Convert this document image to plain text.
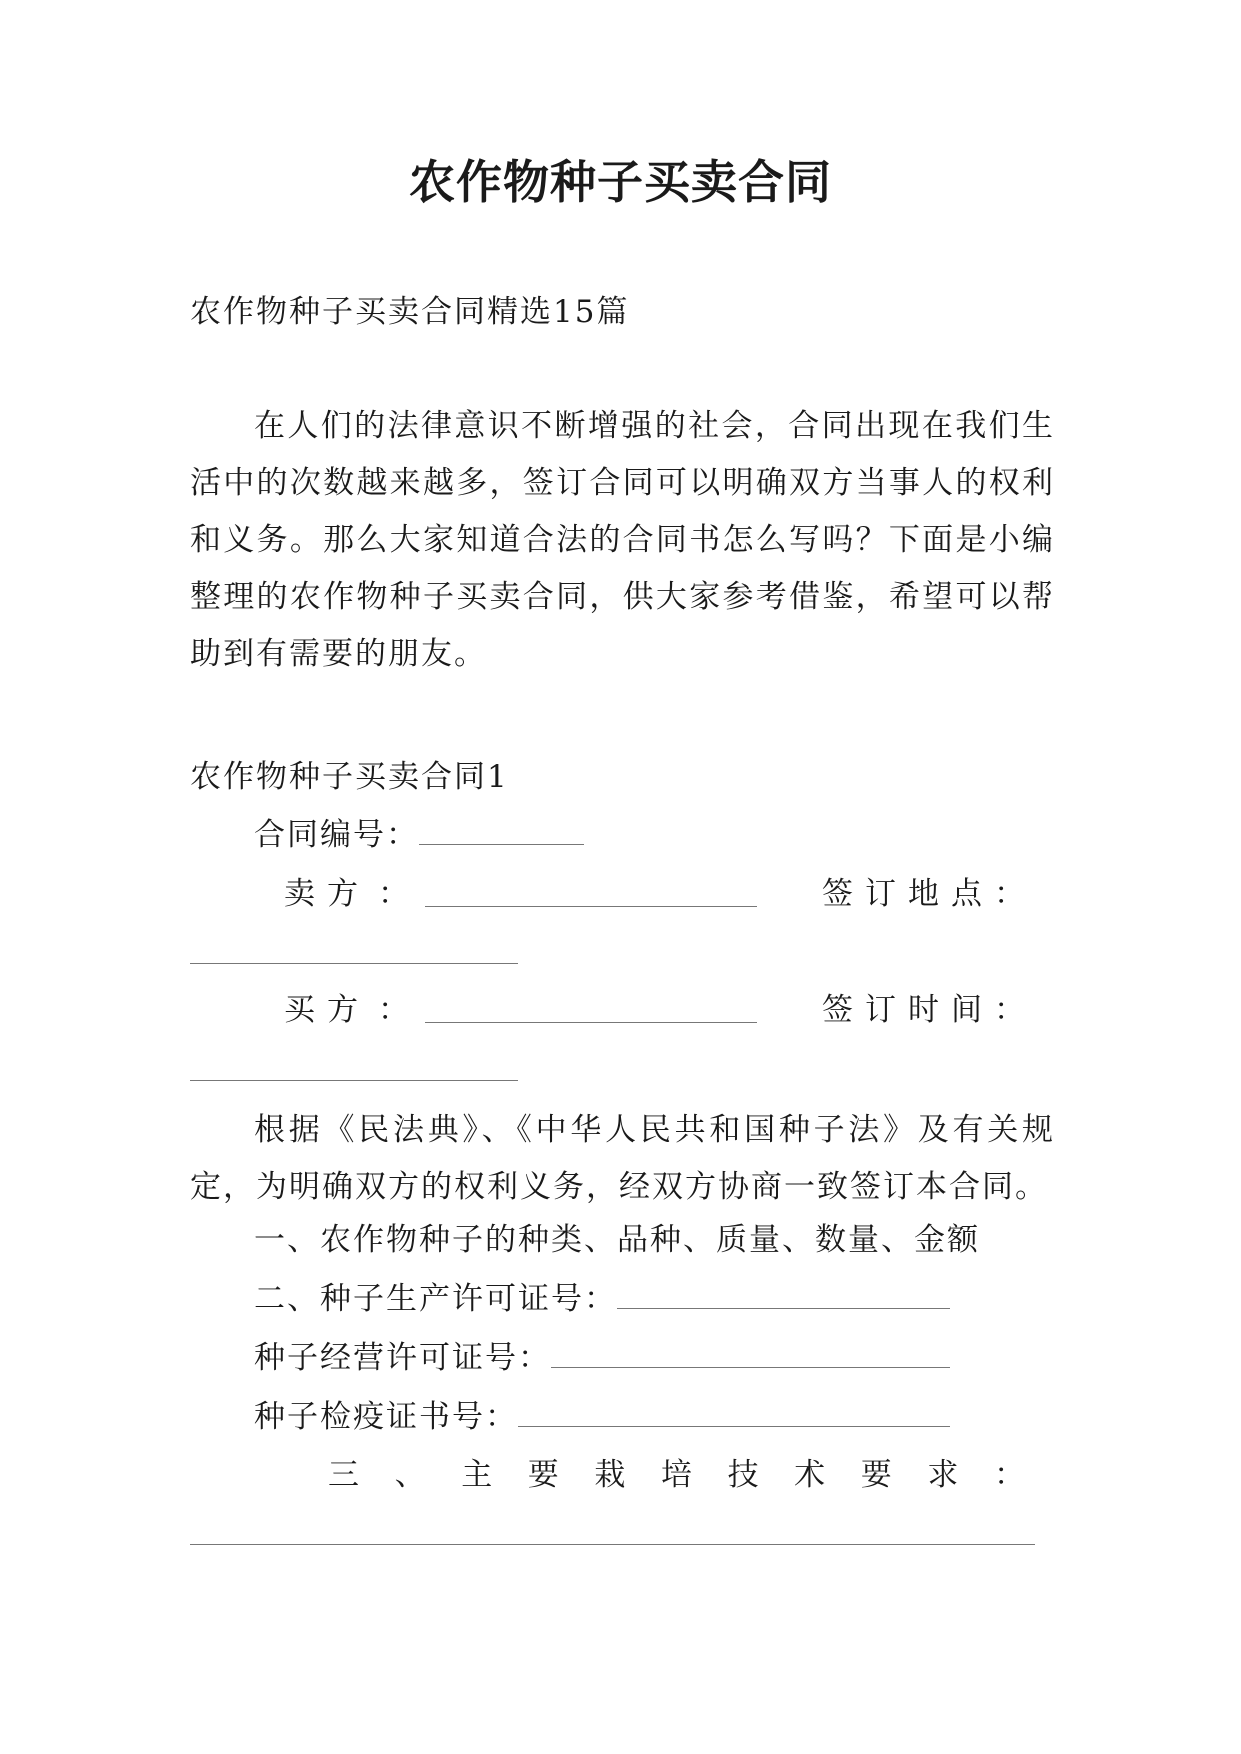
农作物种子买卖合同
农作物种子买卖合同精选15篇
在人们的法律意识不断增强的社会，合同出现在我们生活中的次数越来越多，签订合同可以明确双方当事人的权利和义务。那么大家知道合法的合同书怎么写吗？下面是小编整理的农作物种子买卖合同，供大家参考借鉴，希望可以帮助到有需要的朋友。
农作物种子买卖合同1
合同编号：
卖 方 ：	签 订 地 点 ：
买 方 ：	签 订 时 间 ：
根据《民法典》、《中华人民共和国种子法》及有关规定，为明确双方的权利义务，经双方协商一致签订本合同。
一、农作物种子的种类、品种、质量、数量、金额
二、种子生产许可证号：
种子经营许可证号：
种子检疫证书号：
三 、 主 要 栽 培 技 术 要 求 ：
